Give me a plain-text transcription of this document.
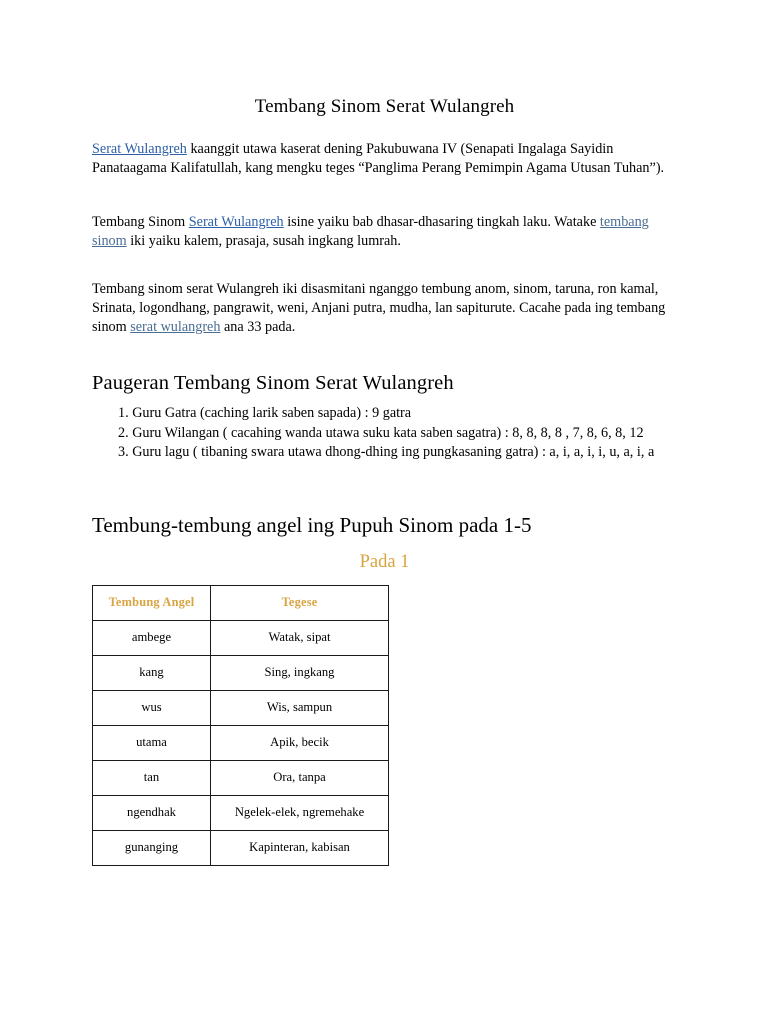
Tembang Sinom Serat Wulangreh

Serat Wulangreh kaanggit utawa kaserat dening Pakubuwana IV (Senapati Ingalaga Sayidin Panataagama Kalifatullah, kang mengku teges “Panglima Perang Pemimpin Agama Utusan Tuhan”).

Tembang Sinom Serat Wulangreh isine yaiku bab dhasar-dhasaring tingkah laku. Watake tembang sinom iki yaiku kalem, prasaja, susah ingkang lumrah.

Tembang sinom serat Wulangreh iki disasmitani nganggo tembung anom, sinom, taruna, ron kamal, Srinata, logondhang, pangrawit, weni, Anjani putra, mudha, lan sapiturute. Cacahe pada ing tembang sinom serat wulangreh ana 33 pada.

Paugeran Tembang Sinom Serat Wulangreh
1. Guru Gatra (caching larik saben sapada) : 9 gatra
2. Guru Wilangan ( cacahing wanda utawa suku kata saben sagatra) : 8, 8, 8, 8 , 7, 8, 6, 8, 12
3. Guru lagu ( tibaning swara utawa dhong-dhing ing pungkasaning gatra) : a, i, a, i, i, u, a, i, a
Tembung-tembung angel ing Pupuh Sinom pada 1-5
Pada 1
Tembung Angel	Tegese
ambege	Watak, sipat
kang	Sing, ingkang
wus	Wis, sampun
utama	Apik, becik
tan	Ora, tanpa
ngendhak	Ngelek-elek, ngremehake
gunanging	Kapinteran, kabisan
